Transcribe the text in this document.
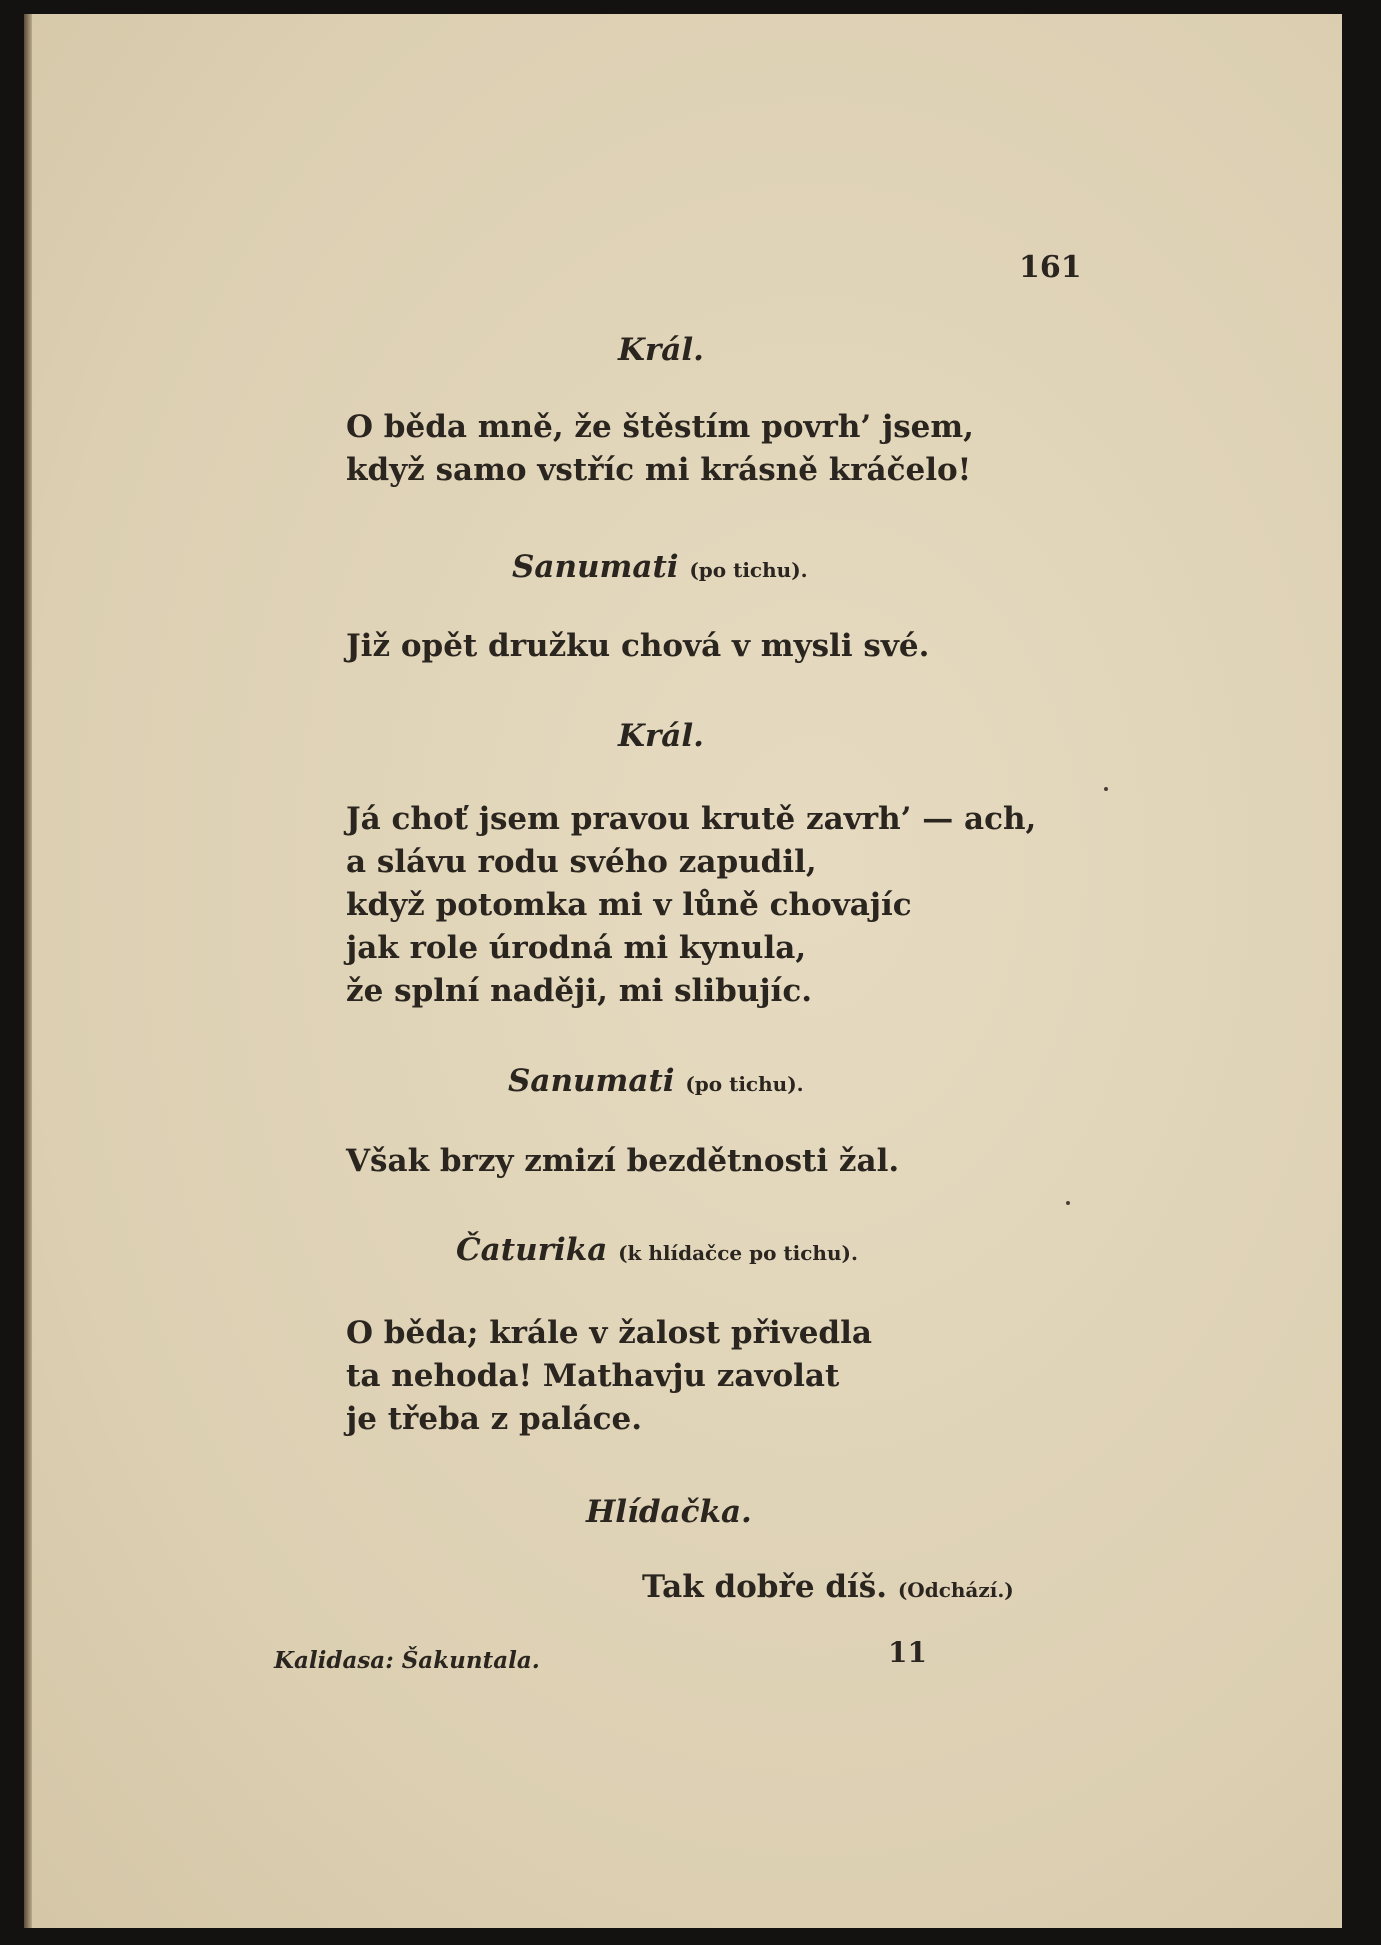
161
Král.
O běda mně, že štěstím povrh’ jsem,
když samo vstříc mi krásně kráčelo!
Sanumati (po tichu).
Již opět družku chová v mysli své.
Král.
Já choť jsem pravou krutě zavrh’ — ach,
a slávu rodu svého zapudil,
když potomka mi v lůně chovajíc
jak role úrodná mi kynula,
že splní naději, mi slibujíc.
Sanumati (po tichu).
Však brzy zmizí bezdětnosti žal.
Čaturika (k hlídačce po tichu).
O běda; krále v žalost přivedla
ta nehoda! Mathavju zavolat
je třeba z paláce.
Hlídačka.
Tak dobře díš. (Odchází.)
Kalidasa: Šakuntala.	11
